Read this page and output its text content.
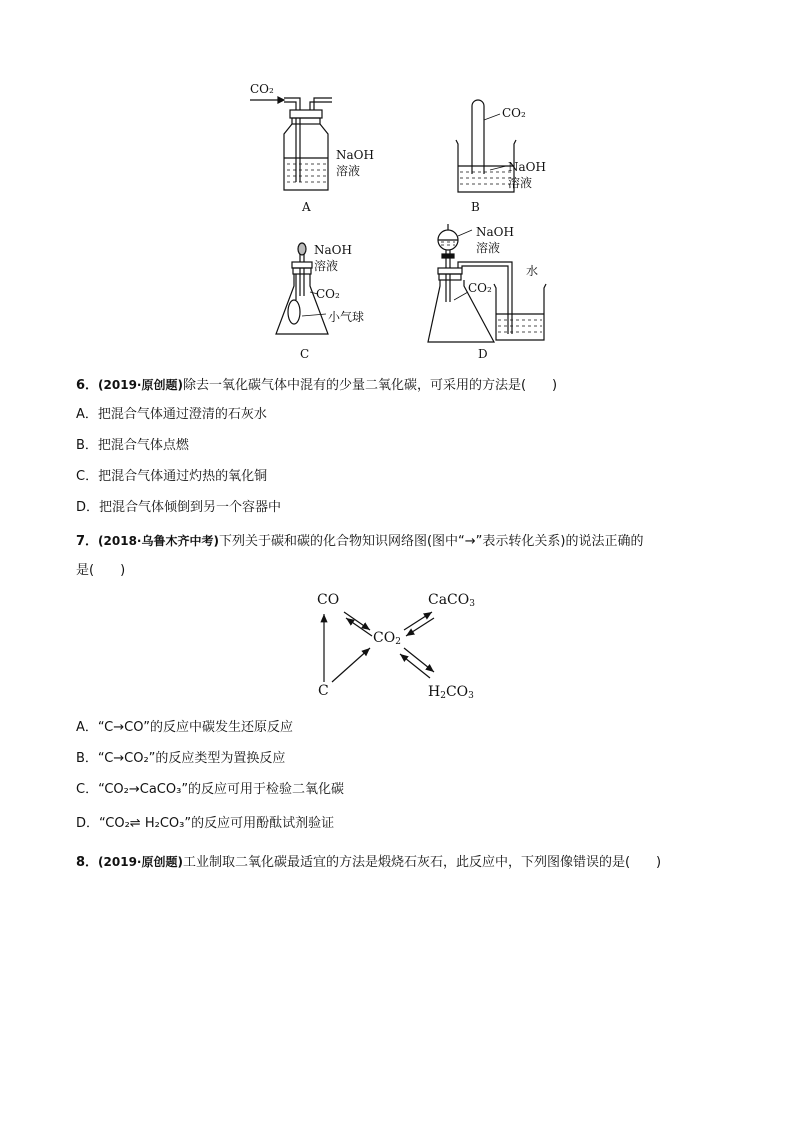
CO₂
NaOH
溶液
A
CO₂
NaOH
溶液
B
NaOH
溶液
CO₂
小气球
C
NaOH
溶液
水
CO₂
D
6．(2019·原创题)除去一氧化碳气体中混有的少量二氧化碳，可采用的方法是(　　)
A．把混合气体通过澄清的石灰水
B．把混合气体点燃
C．把混合气体通过灼热的氧化铜
D．把混合气体倾倒到另一个容器中
7．(2018·乌鲁木齐中考)下列关于碳和碳的化合物知识网络图(图中“→”表示转化关系)的说法正确的
是(　　)
CO	CaCO$_3$
$CO_2$
C	$H_2CO_3$
A．“C→CO”的反应中碳发生还原反应
B．“C→CO₂”的反应类型为置换反应
C．“CO₂→CaCO₃”的反应可用于检验二氧化碳
D．“CO₂⇌ H₂CO₃”的反应可用酚酞试剂验证
8．(2019·原创题)工业制取二氧化碳最适宜的方法是煅烧石灰石，此反应中，下列图像错误的是(　　)
